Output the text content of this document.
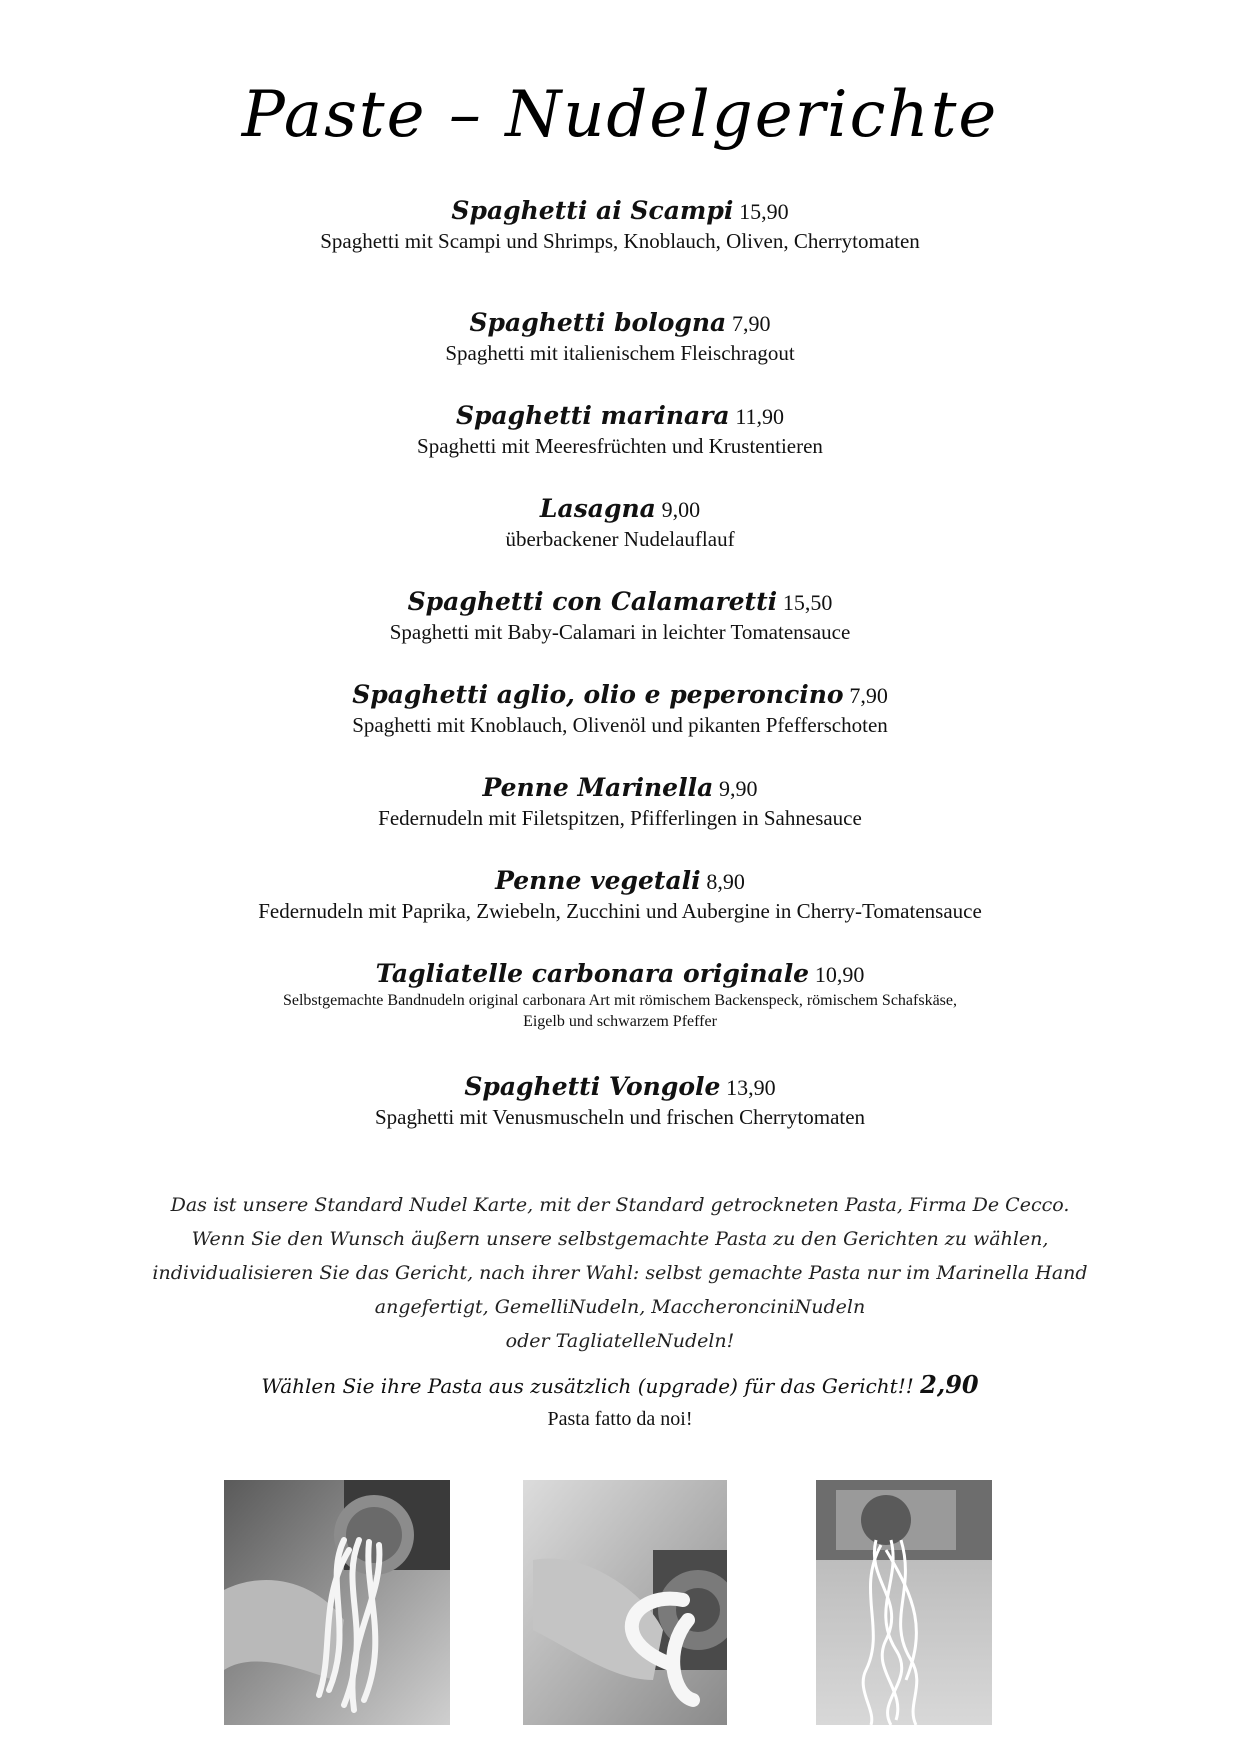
Paste – Nudelgerichte
Spaghetti ai Scampi 15,90
Spaghetti mit Scampi und Shrimps, Knoblauch, Oliven, Cherrytomaten
Spaghetti bologna 7,90
Spaghetti mit italienischem Fleischragout
Spaghetti marinara 11,90
Spaghetti mit Meeresfrüchten und Krustentieren
Lasagna 9,00
überbackener Nudelauflauf
Spaghetti con Calamaretti 15,50
Spaghetti mit Baby-Calamari in leichter Tomatensauce
Spaghetti aglio, olio e peperoncino 7,90
Spaghetti mit Knoblauch, Olivenöl und pikanten Pfefferschoten
Penne Marinella 9,90
Federnudeln mit Filetspitzen, Pfifferlingen in Sahnesauce
Penne vegetali 8,90
Federnudeln mit Paprika, Zwiebeln, Zucchini und Aubergine in Cherry-Tomatensauce
Tagliatelle carbonara originale 10,90
Selbstgemachte Bandnudeln original carbonara Art mit römischem Backenspeck, römischem Schafskäse,
Eigelb und schwarzem Pfeffer
Spaghetti Vongole 13,90
Spaghetti mit Venusmuscheln und frischen Cherrytomaten
Das ist unsere Standard Nudel Karte, mit der Standard getrockneten Pasta, Firma De Cecco.
Wenn Sie den Wunsch äußern unsere selbstgemachte Pasta zu den Gerichten zu wählen,
individualisieren Sie das Gericht, nach ihrer Wahl: selbst gemachte Pasta nur im Marinella Hand
angefertigt, GemelliNudeln, MaccheronciniNudeln
oder TagliatelleNudeln!
Wählen Sie ihre Pasta aus zusätzlich (upgrade) für das Gericht!! 2,90
Pasta fatto da noi!
